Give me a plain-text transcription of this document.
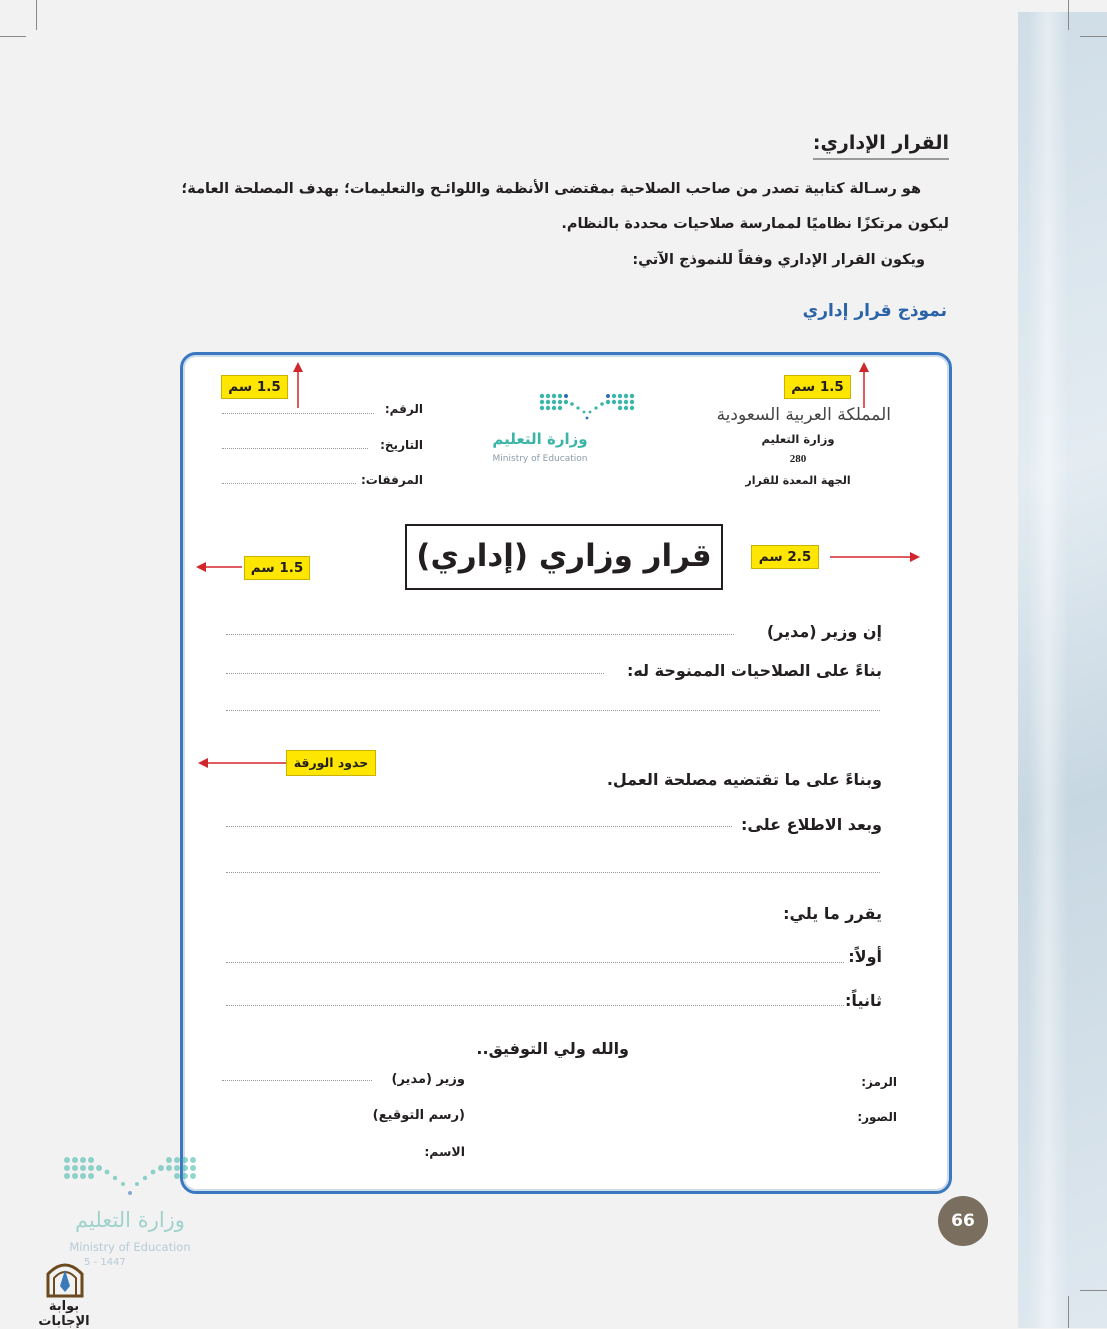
القرار الإداري:
هو رسـالة كتابية تصدر من صاحب الصلاحية بمقتضى الأنظمة واللوائـح والتعليمات؛ بهدف المصلحة العامة؛
ليكون مرتكزًا نظاميًا لممارسة صلاحيات محددة بالنظام.
ويكون القرار الإداري وفقاً للنموذج الآتي:
نموذج قرار إداري
1.5 سم	1.5 سم
1.5 سم
2.5 سم
حدود الورقة
الرقم:
التاريخ:
المرفقات:
وزارة التعليم
Ministry of Education
المملكة العربية السعودية
وزارة التعليم
280
الجهة المعدة للقرار
قرار وزاري (إداري)
إن وزير (مدير)
بناءً على الصلاحيات الممنوحة له:
وبناءً على ما تقتضيه مصلحة العمل.
وبعد الاطلاع على:
يقرر ما يلي:
أولاً:
ثانياً:
والله ولي التوفيق..
وزير (مدير)
(رسم التوقيع)
الاسم:
الرمز:
الصور:
66
وزارة التعليم
Ministry of Education
5 - 1447
بوابة الإجابات
